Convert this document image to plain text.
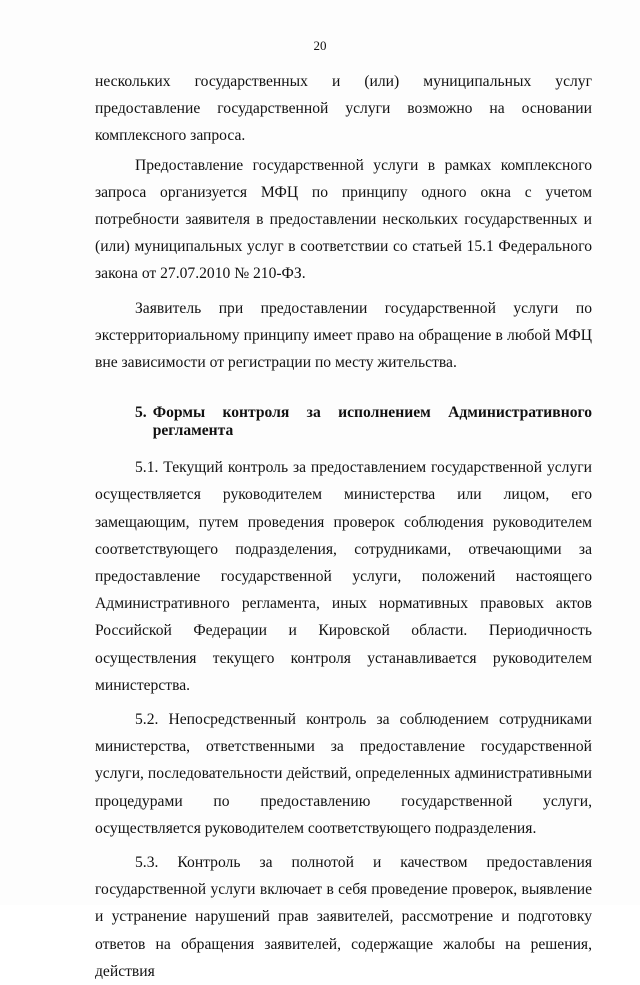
20

нескольких государственных и (или) муниципальных услуг предоставление государственной услуги возможно на основании комплексного запроса.

Предоставление государственной услуги в рамках комплексного запроса организуется МФЦ по принципу одного окна с учетом потребности заявителя в предоставлении нескольких государственных и (или) муниципальных услуг в соответствии со статьей 15.1 Федерального закона от 27.07.2010 № 210-ФЗ.

Заявитель при предоставлении государственной услуги по экстерриториальному принципу имеет право на обращение в любой МФЦ вне зависимости от регистрации по месту жительства.

5. Формы контроля за исполнением Административного регламента

5.1. Текущий контроль за предоставлением государственной услуги осуществляется руководителем министерства или лицом, его замещающим, путем проведения проверок соблюдения руководителем соответствующего подразделения, сотрудниками, отвечающими за предоставление государственной услуги, положений настоящего Административного регламента, иных нормативных правовых актов Российской Федерации и Кировской области. Периодичность осуществления текущего контроля устанавливается руководителем министерства.

5.2. Непосредственный контроль за соблюдением сотрудниками министерства, ответственными за предоставление государственной услуги, последовательности действий, определенных административными процедурами по предоставлению государственной услуги, осуществляется руководителем соответствующего подразделения.

5.3. Контроль за полнотой и качеством предоставления государственной услуги включает в себя проведение проверок, выявление и устранение нарушений прав заявителей, рассмотрение и подготовку ответов на обращения заявителей, содержащие жалобы на решения, действия
